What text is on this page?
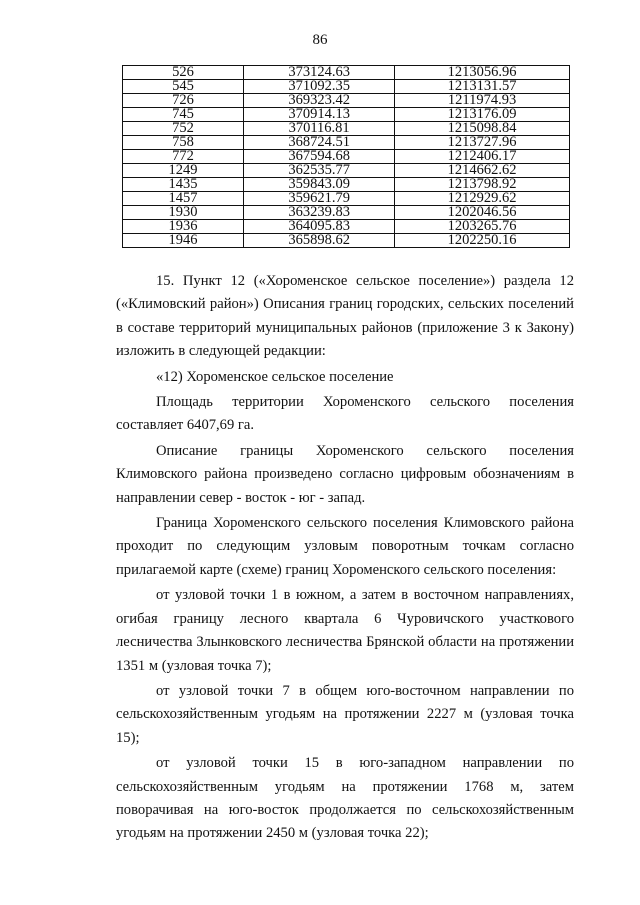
86
526	373124.63	1213056.96
545	371092.35	1213131.57
726	369323.42	1211974.93
745	370914.13	1213176.09
752	370116.81	1215098.84
758	368724.51	1213727.96
772	367594.68	1212406.17
1249	362535.77	1214662.62
1435	359843.09	1213798.92
1457	359621.79	1212929.62
1930	363239.83	1202046.56
1936	364095.83	1203265.76
1946	365898.62	1202250.16

15. Пункт 12 («Хороменское сельское поселение») раздела 12 («Климовский район») Описания границ городских, сельских поселений в составе территорий муниципальных районов (приложение 3 к Закону) изложить в следующей редакции:

«12) Хороменское сельское поселение

Площадь территории Хороменского сельского поселения составляет 6407,69 га.

Описание границы Хороменского сельского поселения Климовского района произведено согласно цифровым обозначениям в направлении север - восток - юг - запад.

Граница Хороменского сельского поселения Климовского района проходит по следующим узловым поворотным точкам согласно прилагаемой карте (схеме) границ Хороменского сельского поселения:

от узловой точки 1 в южном, а затем в восточном направлениях, огибая границу лесного квартала 6 Чуровичского участкового лесничества Злынковского лесничества Брянской области на протяжении 1351 м (узловая точка 7);

от узловой точки 7 в общем юго-восточном направлении по сельскохозяйственным угодьям на протяжении 2227 м (узловая точка 15);

от узловой точки 15 в юго-западном направлении по сельскохозяйственным угодьям на протяжении 1768 м, затем поворачивая на юго-восток продолжается по сельскохозяйственным угодьям на протяжении 2450 м (узловая точка 22);
